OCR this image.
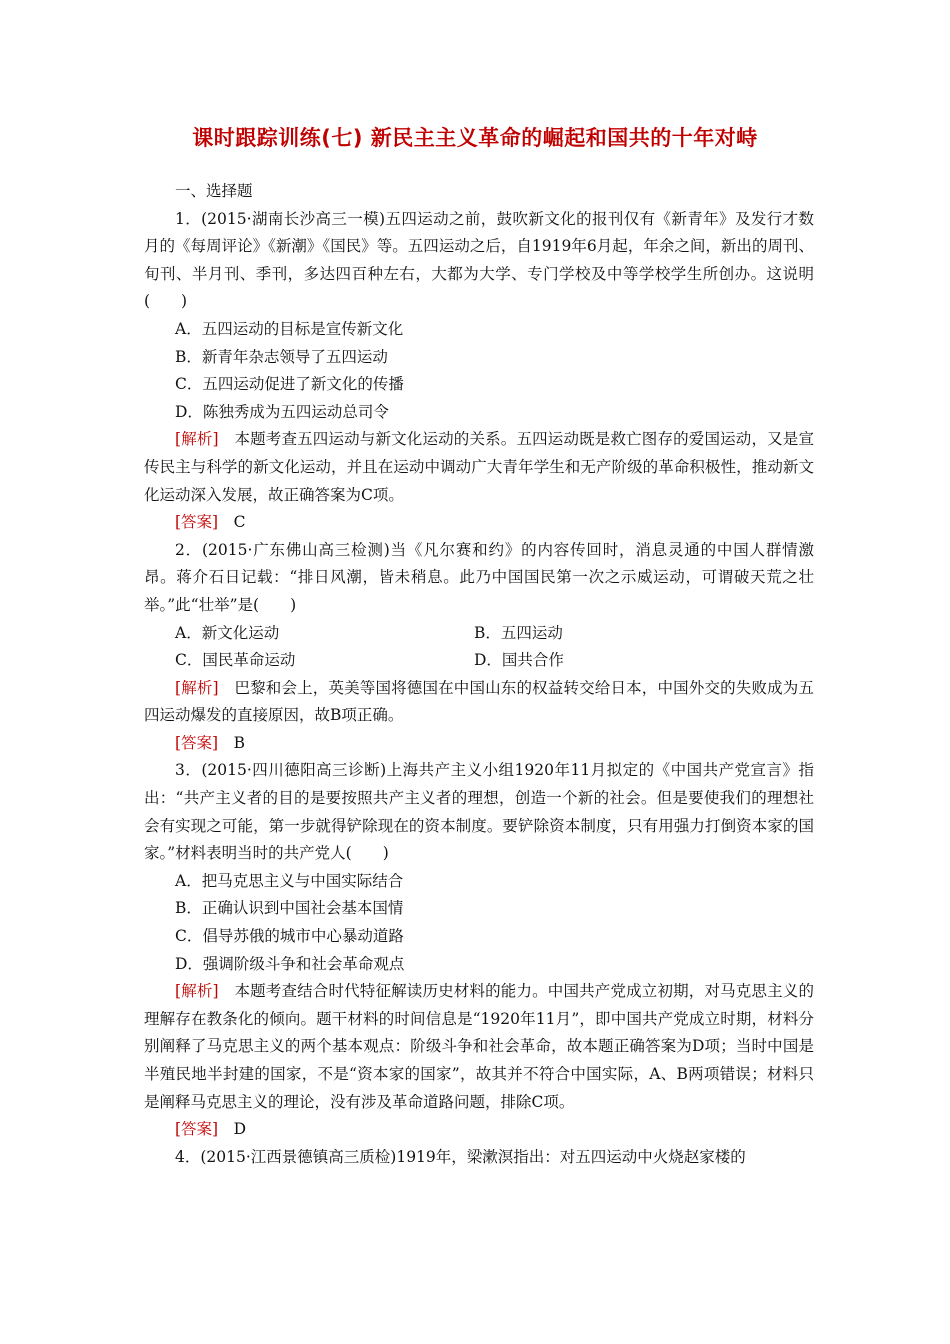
课时跟踪训练(七) 新民主主义革命的崛起和国共的十年对峙

一、选择题

1．(2015·湖南长沙高三一模)五四运动之前，鼓吹新文化的报刊仅有《新青年》及发行才数月的《每周评论》《新潮》《国民》等。五四运动之后，自1919年6月起，年余之间，新出的周刊、旬刊、半月刊、季刊，多达四百种左右，大都为大学、专门学校及中等学校学生所创办。这说明(　　)

A．五四运动的目标是宣传新文化

B．新青年杂志领导了五四运动

C．五四运动促进了新文化的传播

D．陈独秀成为五四运动总司令

[解析]　 本题考查五四运动与新文化运动的关系。五四运动既是救亡图存的爱国运动，又是宣传民主与科学的新文化运动，并且在运动中调动广大青年学生和无产阶级的革命积极性，推动新文化运动深入发展，故正确答案为C项。

[答案]　 C

2．(2015·广东佛山高三检测)当《凡尔赛和约》的内容传回时，消息灵通的中国人群情激昂。蒋介石日记载：“排日风潮，皆未稍息。此乃中国国民第一次之示威运动，可谓破天荒之壮举。”此“壮举”是(　　)

A．新文化运动	B．五四运动
C．国民革命运动	D．国共合作

[解析]　 巴黎和会上，英美等国将德国在中国山东的权益转交给日本，中国外交的失败成为五四运动爆发的直接原因，故B项正确。

[答案]　 B

3．(2015·四川德阳高三诊断)上海共产主义小组1920年11月拟定的《中国共产党宣言》指出：“共产主义者的目的是要按照共产主义者的理想，创造一个新的社会。但是要使我们的理想社会有实现之可能，第一步就得铲除现在的资本制度。要铲除资本制度，只有用强力打倒资本家的国家。”材料表明当时的共产党人(　　)

A．把马克思主义与中国实际结合

B．正确认识到中国社会基本国情

C．倡导苏俄的城市中心暴动道路

D．强调阶级斗争和社会革命观点

[解析]　 本题考查结合时代特征解读历史材料的能力。中国共产党成立初期，对马克思主义的理解存在教条化的倾向。题干材料的时间信息是“1920年11月”，即中国共产党成立时期，材料分别阐释了马克思主义的两个基本观点：阶级斗争和社会革命，故本题正确答案为D项；当时中国是半殖民地半封建的国家，不是“资本家的国家”，故其并不符合中国实际，A、B两项错误；材料只是阐释马克思主义的理论，没有涉及革命道路问题，排除C项。

[答案]　 D

4．(2015·江西景德镇高三质检)1919年，梁漱溟指出：对五四运动中火烧赵家楼的
